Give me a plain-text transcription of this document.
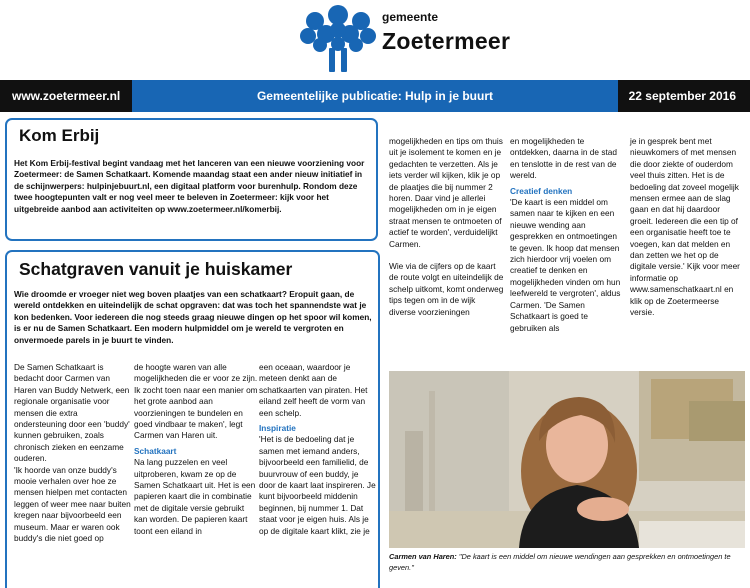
gemeente
Zoetermeer
www.zoetermeer.nl	Gemeentelijke publicatie: Hulp in je buurt	22 september 2016
Kom Erbij
Het Kom Erbij-festival begint vandaag met het lanceren van een nieuwe voorziening voor Zoetermeer: de Samen Schatkaart. Komende maandag staat een ander nieuw initiatief in de schijnwerpers: hulpinjebuurt.nl, een digitaal platform voor burenhulp. Rondom deze twee hoogtepunten valt er nog veel meer te beleven in Zoetermeer: kijk voor het uitgebreide aanbod aan activiteiten op www.zoetermeer.nl/komerbij.
Schatgraven vanuit je huiskamer
Wie droomde er vroeger niet weg boven plaatjes van een schatkaart? Eropuit gaan, de wereld ontdekken en uiteindelijk de schat opgraven: dat was toch het spannendste wat je kon bedenken. Voor iedereen die nog steeds graag nieuwe dingen op het spoor wil komen, is er nu de Samen Schatkaart. Een modern hulpmiddel om je wereld te vergroten en onvermoede parels in je buurt te vinden.

De Samen Schatkaart is bedacht door Carmen van Haren van Buddy Netwerk, een regionale organisatie voor mensen die extra ondersteuning door een 'buddy' kunnen gebruiken, zoals chronisch zieken en eenzame ouderen.

'Ik hoorde van onze buddy's mooie verhalen over hoe ze mensen hielpen met contacten leggen of weer mee naar buiten kregen naar bijvoorbeeld een museum. Maar er waren ook buddy's die niet goed op

de hoogte waren van alle mogelijkheden die er voor ze zijn. Ik zocht toen naar een manier om het grote aanbod aan voorzieningen te bundelen en goed vindbaar te maken', legt Carmen van Haren uit.

Schatkaart

Na lang puzzelen en veel uitproberen, kwam ze op de Samen Schatkaart uit. Het is een papieren kaart die in combinatie met de digitale versie gebruikt kan worden. De papieren kaart toont een eiland in

een oceaan, waardoor je meteen denkt aan de schatkaarten van piraten. Het eiland zelf heeft de vorm van een schelp.

Inspiratie

'Het is de bedoeling dat je samen met iemand anders, bijvoorbeeld een familielid, de buurvrouw of een buddy, je door de kaart laat inspireren. Je kunt bijvoorbeeld middenin beginnen, bij nummer 1. Dat staat voor je eigen huis. Als je op de digitale kaart klikt, zie je

mogelijkheden en tips om thuis uit je isolement te komen en je gedachten te verzetten. Als je iets verder wil kijken, klik je op de plaatjes die bij nummer 2 horen. Daar vind je allerlei mogelijkheden om in je eigen straat mensen te ontmoeten of actief te worden', verduidelijkt Carmen.

Wie via de cijfers op de kaart de route volgt en uiteindelijk de schelp uitkomt, komt onderweg tips tegen om in de wijk diverse voorzieningen

en mogelijkheden te ontdekken, daarna in de stad en tenslotte in de rest van de wereld.

Creatief denken

'De kaart is een middel om samen naar te kijken en een nieuwe wending aan gesprekken en ontmoetingen te geven. Ik hoop dat mensen zich hierdoor vrij voelen om creatief te denken en mogelijkheden vinden om hun leefwereld te vergroten', aldus Carmen. 'De Samen Schatkaart is goed te gebruiken als

je in gesprek bent met nieuwkomers of met mensen die door ziekte of ouderdom veel thuis zitten. Het is de bedoeling dat zoveel mogelijk mensen ermee aan de slag gaan en dat hij daardoor groeit. Iedereen die een tip of een organisatie heeft toe te voegen, kan dat melden en dan zetten we het op de digitale versie.' Kijk voor meer informatie op www.samenschatkaart.nl en klik op de Zoetermeerse versie.

Carmen van Haren: "De kaart is een middel om nieuwe wendingen aan gesprekken en ontmoetingen te geven."
